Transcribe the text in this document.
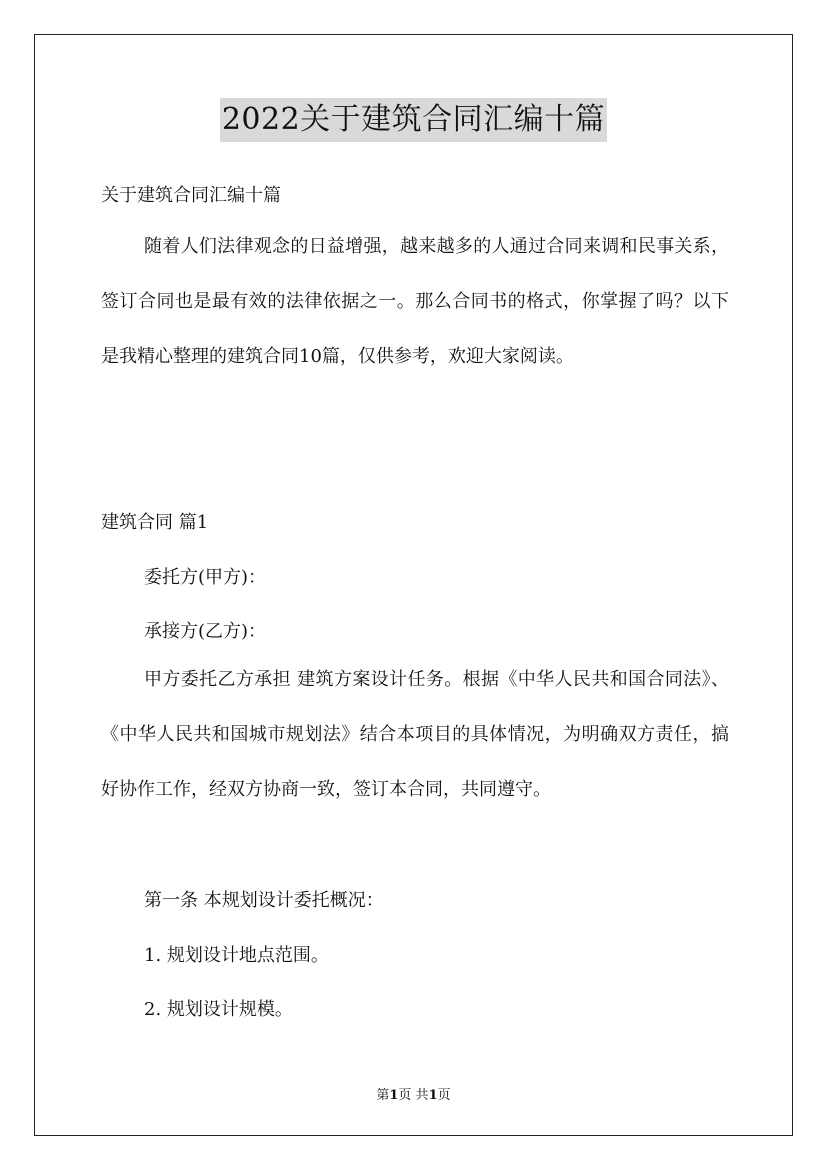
2022关于建筑合同汇编十篇
关于建筑合同汇编十篇
随着人们法律观念的日益增强，越来越多的人通过合同来调和民事关系，签订合同也是最有效的法律依据之一。那么合同书的格式，你掌握了吗？以下是我精心整理的建筑合同10篇，仅供参考，欢迎大家阅读。
建筑合同 篇1
委托方(甲方)：
承接方(乙方)：
甲方委托乙方承担 建筑方案设计任务。根据《中华人民共和国合同法》、《中华人民共和国城市规划法》结合本项目的具体情况，为明确双方责任，搞好协作工作，经双方协商一致，签订本合同，共同遵守。
第一条 本规划设计委托概况：
1. 规划设计地点范围。
2. 规划设计规模。
第1页 共1页
